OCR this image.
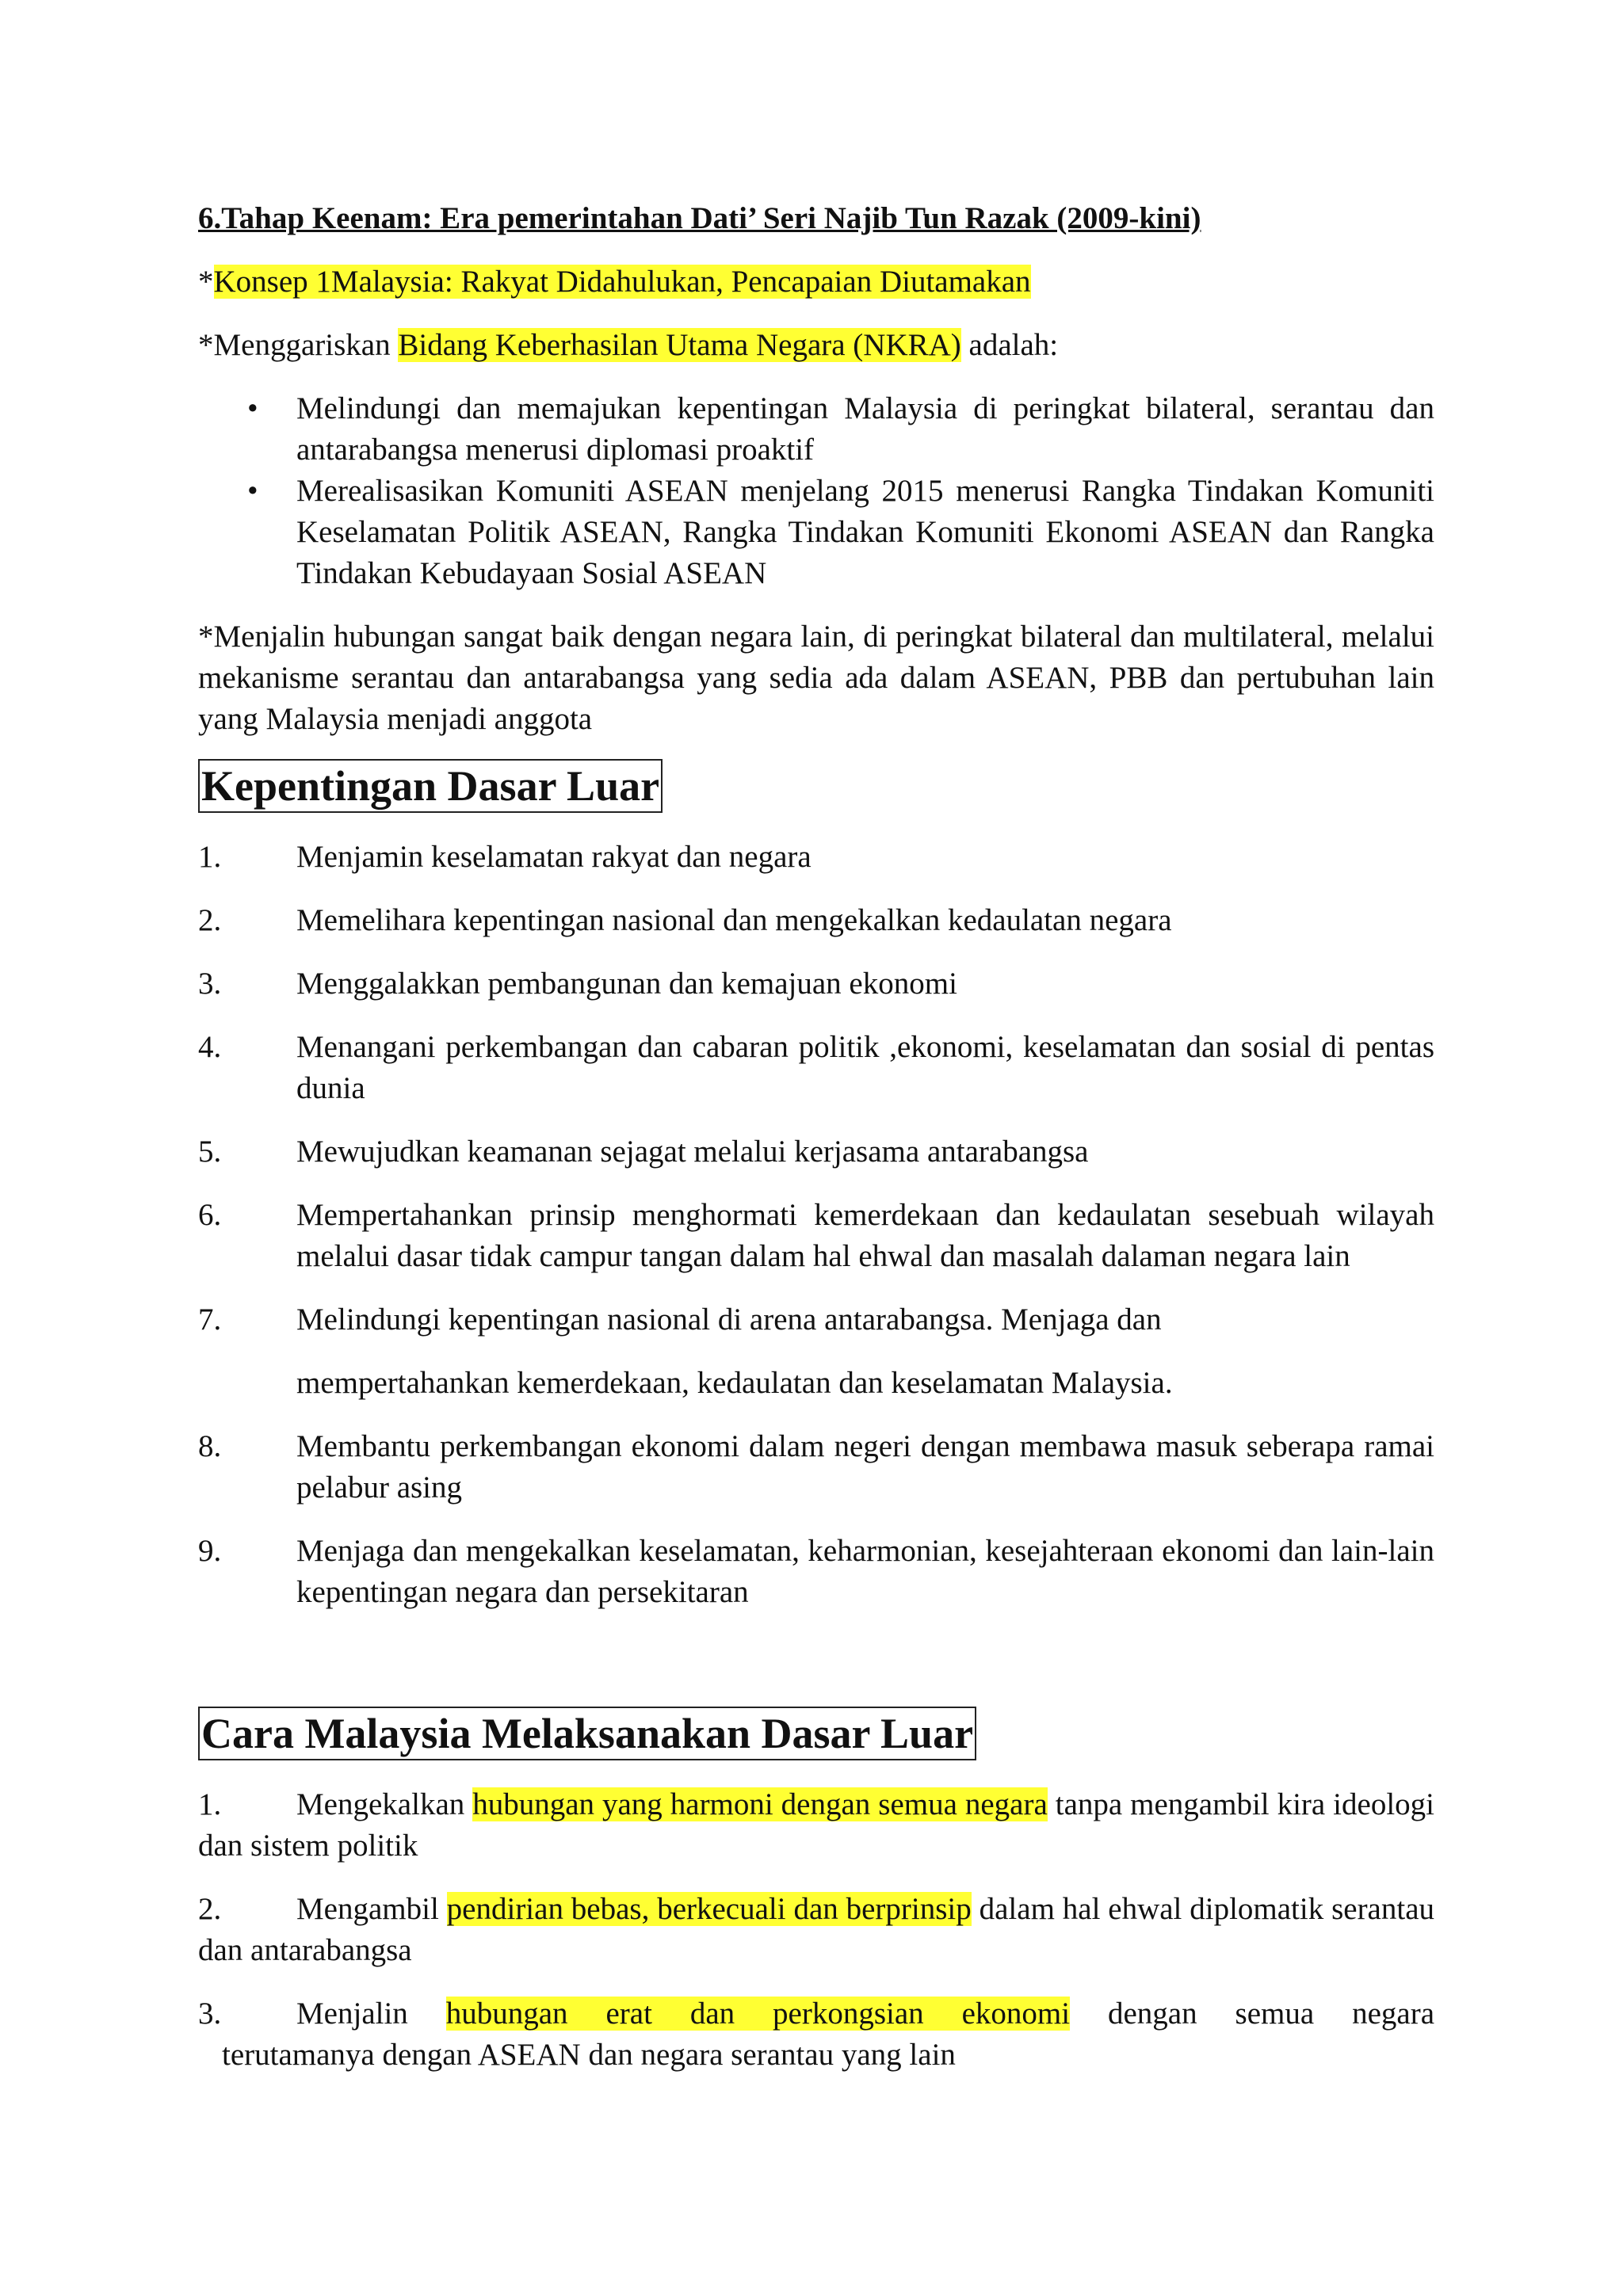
6.Tahap Keenam: Era pemerintahan Dati’ Seri Najib Tun Razak (2009-kini)

*Konsep 1Malaysia: Rakyat Didahulukan, Pencapaian Diutamakan

*Menggariskan Bidang Keberhasilan Utama Negara (NKRA) adalah:

• Melindungi dan memajukan kepentingan Malaysia di peringkat bilateral, serantau dan antarabangsa menerusi diplomasi proaktif
• Merealisasikan Komuniti ASEAN menjelang 2015 menerusi Rangka Tindakan Komuniti Keselamatan Politik ASEAN, Rangka Tindakan Komuniti Ekonomi ASEAN dan Rangka Tindakan Kebudayaan Sosial ASEAN

*Menjalin hubungan sangat baik dengan negara lain, di peringkat bilateral dan multilateral, melalui mekanisme serantau dan antarabangsa yang sedia ada dalam ASEAN, PBB dan pertubuhan lain yang Malaysia menjadi anggota

Kepentingan Dasar Luar
1. Menjamin keselamatan rakyat dan negara
2. Memelihara kepentingan nasional dan mengekalkan kedaulatan negara
3. Menggalakkan pembangunan dan kemajuan ekonomi
4. Menangani perkembangan dan cabaran politik ,ekonomi, keselamatan dan sosial di pentas dunia
5. Mewujudkan keamanan sejagat melalui kerjasama antarabangsa
6. Mempertahankan prinsip menghormati kemerdekaan dan kedaulatan sesebuah wilayah melalui dasar tidak campur tangan dalam hal ehwal dan masalah dalaman negara lain
7. Melindungi kepentingan nasional di arena antarabangsa. Menjaga dan
mempertahankan kemerdekaan, kedaulatan dan keselamatan Malaysia.
8. Membantu perkembangan ekonomi dalam negeri dengan membawa masuk seberapa ramai pelabur asing
9. Menjaga dan mengekalkan keselamatan, keharmonian, kesejahteraan ekonomi dan lain-lain kepentingan negara dan persekitaran
Cara Malaysia Melaksanakan Dasar Luar

1. Mengekalkan hubungan yang harmoni dengan semua negara tanpa mengambil kira ideologi dan sistem politik

2. Mengambil pendirian bebas, berkecuali dan berprinsip dalam hal ehwal diplomatik serantau dan antarabangsa

3. Menjalin hubungan erat dan perkongsian ekonomi dengan semua negara

terutamanya dengan ASEAN dan negara serantau yang lain
